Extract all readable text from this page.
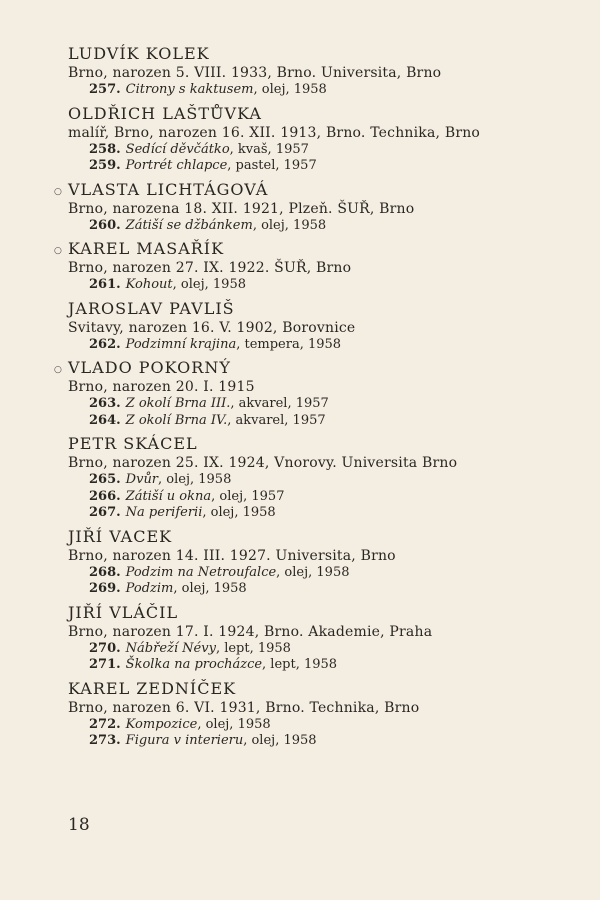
LUDVÍK KOLEK
Brno, narozen 5. VIII. 1933, Brno. Universita, Brno
257. Citrony s kaktusem, olej, 1958
OLDŘICH LAŠTŮVKA
malíř, Brno, narozen 16. XII. 1913, Brno. Technika, Brno
258. Sedící děvčátko, kvaš, 1957
259. Portrét chlapce, pastel, 1957
○ VLASTA LICHTÁGOVÁ
Brno, narozena 18. XII. 1921, Plzeň. ŠUŘ, Brno
260. Zátiší se džbánkem, olej, 1958
○ KAREL MASAŘÍK
Brno, narozen 27. IX. 1922. ŠUŘ, Brno
261. Kohout, olej, 1958
JAROSLAV PAVLIŠ
Svitavy, narozen 16. V. 1902, Borovnice
262. Podzimní krajina, tempera, 1958
○ VLADO POKORNÝ
Brno, narozen 20. I. 1915
263. Z okolí Brna III., akvarel, 1957
264. Z okolí Brna IV., akvarel, 1957
PETR SKÁCEL
Brno, narozen 25. IX. 1924, Vnorovy. Universita Brno
265. Dvůr, olej, 1958
266. Zátiší u okna, olej, 1957
267. Na periferii, olej, 1958
JIŘÍ VACEK
Brno, narozen 14. III. 1927. Universita, Brno
268. Podzim na Netroufalce, olej, 1958
269. Podzim, olej, 1958
JIŘÍ VLÁČIL
Brno, narozen 17. I. 1924, Brno. Akademie, Praha
270. Nábřeží Névy, lept, 1958
271. Školka na procházce, lept, 1958
KAREL ZEDNÍČEK
Brno, narozen 6. VI. 1931, Brno. Technika, Brno
272. Kompozice, olej, 1958
273. Figura v interieru, olej, 1958
18
